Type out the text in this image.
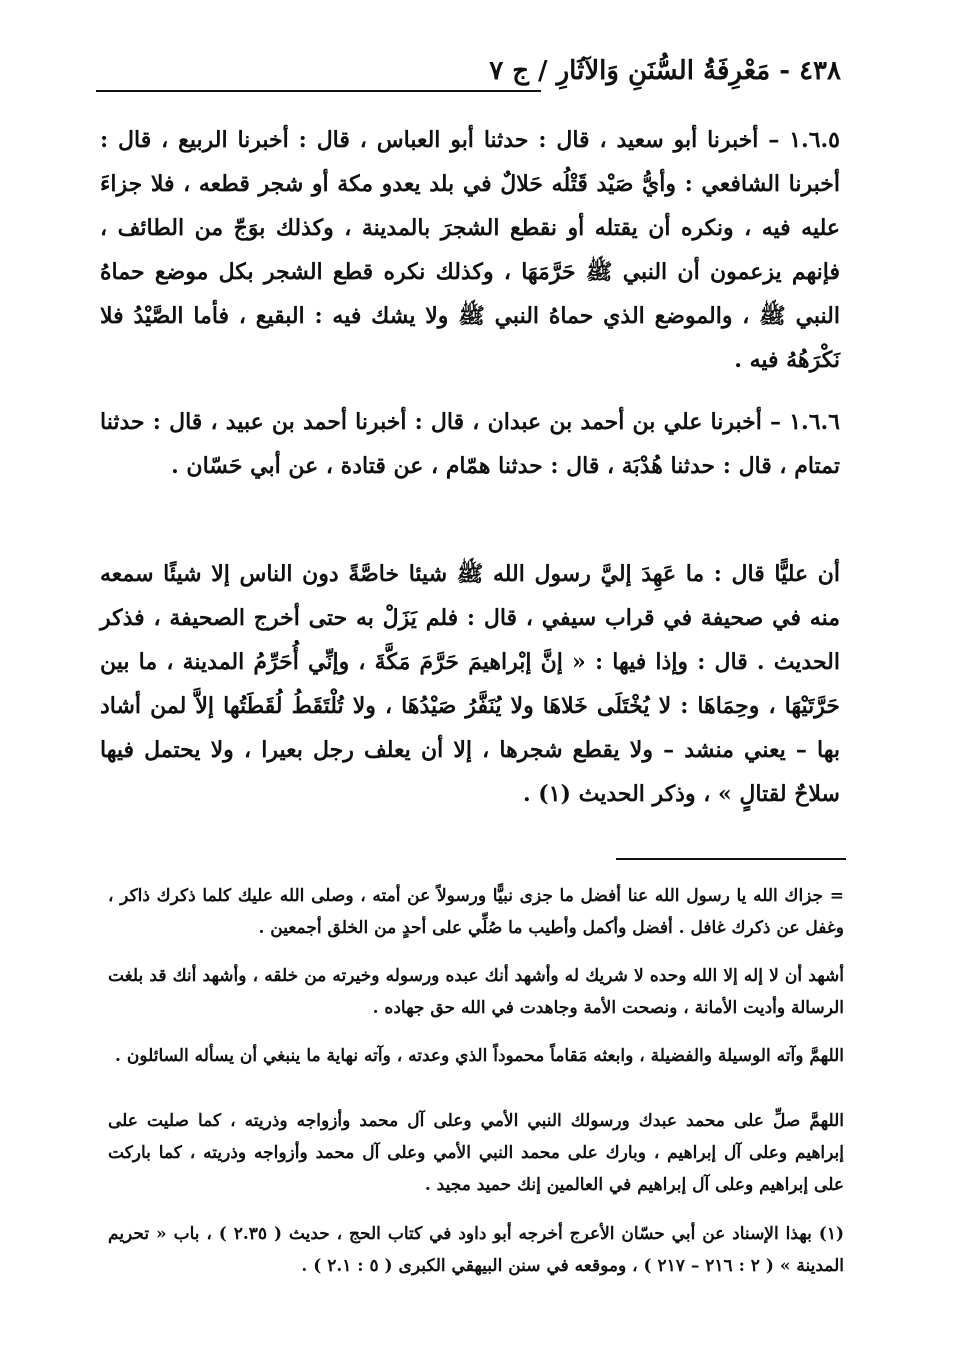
٤٣٨ - مَعْرِفَةُ السُّنَنِ وَالآثَارِ / ج ٧

١.٦.٥ – أخبرنا أبو سعيد ، قال : حدثنا أبو العباس ، قال : أخبرنا الربيع ، قال : أخبرنا الشافعي : وأيُّ صَيْد قَتْلُه حَلالٌ في بلد يعدو مكة أو شجر قطعه ، فلا جزاءَ عليه فيه ، ونكره أن يقتله أو نقطع الشجرَ بالمدينة ، وكذلك بوَجّ من الطائف ، فإنهم يزعمون أن النبي ﷺ حَرَّمَهَا ، وكذلك نكره قطع الشجر بكل موضع حماهُ النبي ﷺ ، والموضع الذي حماهُ النبي ﷺ ولا يشك فيه : البقيع ، فأما الصَّيْدُ فلا نَكْرَهُهُ فيه .

١.٦.٦ – أخبرنا علي بن أحمد بن عبدان ، قال : أخبرنا أحمد بن عبيد ، قال : حدثنا تمتام ، قال : حدثنا هُدْبَة ، قال : حدثنا همّام ، عن قتادة ، عن أبي حَسّان .

أن عليًّا قال : ما عَهِدَ إليَّ رسول الله ﷺ شيئا خاصَّةً دون الناس إلا شيئًا سمعه منه في صحيفة في قراب سيفي ، قال : فلم يَزَلْ به حتى أخرج الصحيفة ، فذكر الحديث . قال : وإذا فيها : « إنَّ إبْراهيمَ حَرَّمَ مَكَّةَ ، وإنِّي أُحَرِّمُ المدينة ، ما بين حَرَّتَيْهَا ، وحِمَاهَا : لا يُخْتَلَى خَلاهَا ولا يُنَفَّرُ صَيْدُهَا ، ولا تُلْتَقَطُ لُقَطَتُها إلاَّ لمن أشاد بها – يعني منشد – ولا يقطع شجرها ، إلا أن يعلف رجل بعيرا ، ولا يحتمل فيها سلاحٌ لقتالٍ » ، وذكر الحديث (١) .

= جزاك الله يا رسول الله عنا أفضل ما جزى نبيًّا ورسولاً عن أمته ، وصلى الله عليك كلما ذكرك ذاكر ، وغفل عن ذكرك غافل . أفضل وأكمل وأطيب ما صُلِّي على أحدٍ من الخلق أجمعين .

أشهد أن لا إله إلا الله وحده لا شريك له وأشهد أنك عبده ورسوله وخيرته من خلقه ، وأشهد أنك قد بلغت الرسالة وأديت الأمانة ، ونصحت الأمة وجاهدت في الله حق جهاده .

اللهمَّ وآته الوسيلة والفضيلة ، وابعثه مَقاماً محموداً الذي وعدته ، وآته نهاية ما ينبغي أن يسأله السائلون .

اللهمَّ صلِّ على محمد عبدك ورسولك النبي الأمي وعلى آل محمد وأزواجه وذريته ، كما صليت على إبراهيم وعلى آل إبراهيم ، وبارك على محمد النبي الأمي وعلى آل محمد وأزواجه وذريته ، كما باركت على إبراهيم وعلى آل إبراهيم في العالمين إنك حميد مجيد .

(١) بهذا الإسناد عن أبي حسّان الأعرج أخرجه أبو داود في كتاب الحج ، حديث ( ٢.٣٥ ) ، باب « تحريم المدينة » ( ٢ : ٢١٦ – ٢١٧ ) ، وموقعه في سنن البيهقي الكبرى ( ٥ : ٢.١ ) .
